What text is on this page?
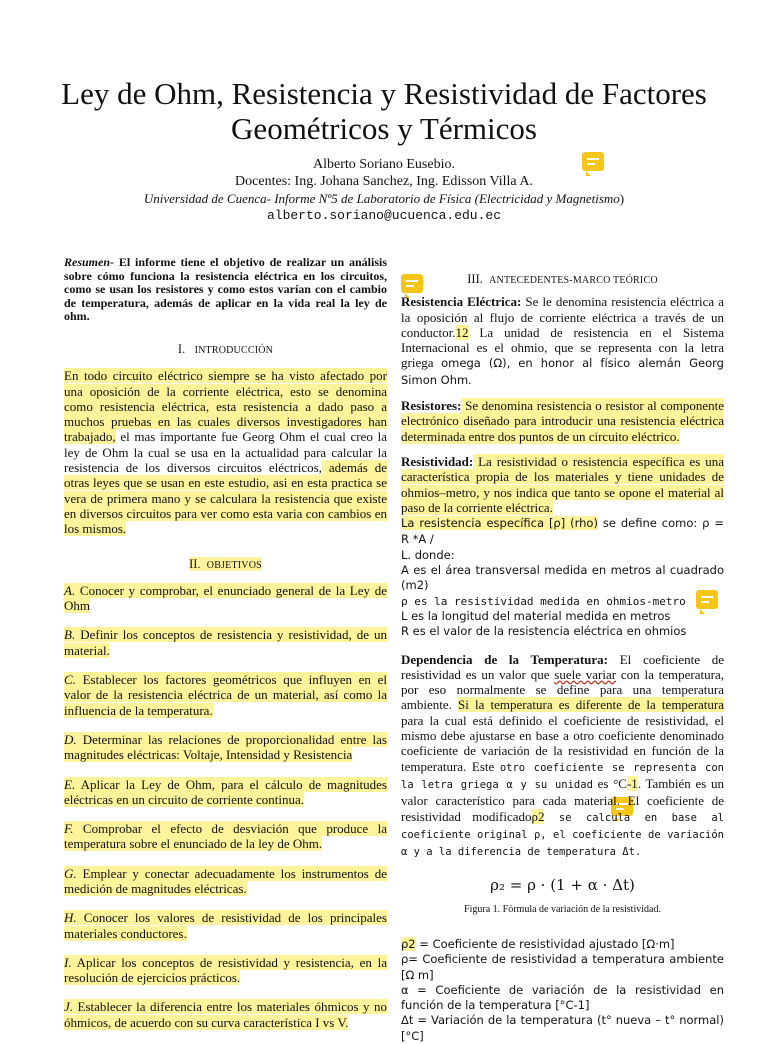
Ley de Ohm, Resistencia y Resistividad de Factores
Geométricos y Térmicos
Alberto Soriano Eusebio.
Docentes: Ing. Johana Sanchez, Ing. Edisson Villa A.
Universidad de Cuenca- Informe Nº5 de Laboratorio de Física (Electricidad y Magnetismo)
alberto.soriano@ucuenca.edu.ec

Resumen- El informe tiene el objetivo de realizar un análisis sobre cómo funciona la resistencia eléctrica en los circuitos, como se usan los resistores y como estos varían con el cambio de temperatura, además de aplicar en la vida real la ley de ohm.

I. INTRODUCCIÓN

En todo circuito eléctrico siempre se ha visto afectado por una oposición de la corriente eléctrica, esto se denomina como resistencia eléctrica, esta resistencia a dado paso a muchos pruebas en las cuales diversos investigadores han trabajado, el mas importante fue Georg Ohm el cual creo la ley de Ohm la cual se usa en la actualidad para calcular la resistencia de los diversos circuitos eléctricos, además de otras leyes que se usan en este estudio, asi en esta practica se vera de primera mano y se calculara la resistencia que existe en diversos circuitos para ver como esta varia con cambios en los mismos.

II. OBJETIVOS

A. Conocer y comprobar, el enunciado general de la Ley de Ohm

B. Definir los conceptos de resistencia y resistividad, de un material.

C. Establecer los factores geométricos que influyen en el valor de la resistencia eléctrica de un material, así como la influencia de la temperatura.

D. Determinar las relaciones de proporcionalidad entre las magnitudes eléctricas: Voltaje, Intensidad y Resistencia

E. Aplicar la Ley de Ohm, para el cálculo de magnitudes eléctricas en un circuito de corriente continua.

F. Comprobar el efecto de desviación que produce la temperatura sobre el enunciado de la ley de Ohm.

G. Emplear y conectar adecuadamente los instrumentos de medición de magnitudes eléctricas.

H. Conocer los valores de resistividad de los principales materiales conductores.

I. Aplicar los conceptos de resistividad y resistencia, en la resolución de ejercicios prácticos.

J. Establecer la diferencia entre los materiales óhmicos y no óhmicos, de acuerdo con su curva característica I vs V.

III. ANTECEDENTES-MARCO TEÓRICO

Resistencia Eléctrica: Se le denomina resistencia eléctrica a la oposición al flujo de corriente eléctrica a través de un conductor.12 La unidad de resistencia en el Sistema Internacional es el ohmio, que se representa con la letra griega omega (Ω), en honor al físico alemán Georg Simon Ohm.

Resistores: Se denomina resistencia o resistor al componente electrónico diseñado para introducir una resistencia eléctrica determinada entre dos puntos de un circuito eléctrico.

Resistividad: La resistividad o resistencia específica es una característica propia de los materiales y tiene unidades de ohmios–metro, y nos indica que tanto se opone el material al paso de la corriente eléctrica.

La resistencia específica [ρ] (rho) se define como: ρ = R *A /
L. donde:
A es el área transversal medida en metros al cuadrado (m2)
ρ es la resistividad medida en ohmios-metro
L es la longitud del material medida en metros
R es el valor de la resistencia eléctrica en ohmios

Dependencia de la Temperatura: El coeficiente de resistividad es un valor que suele variar con la temperatura, por eso normalmente se define para una temperatura ambiente. Si la temperatura es diferente de la temperatura para la cual está definido el coeficiente de resistividad, el mismo debe ajustarse en base a otro coeficiente denominado coeficiente de variación de la resistividad en función de la temperatura. Este otro coeficiente se representa con la letra griega α y su unidad es °C-1. También es un valor característico para cada material. El coeficiente de resistividad modificadoρ2 se calcula en base al coeficiente original ρ, el coeficiente de variación α y a la diferencia de temperatura Δt.

ρ₂ = ρ · (1 + α · Δt)
Figura 1. Fórmula de variación de la resistividad.
ρ2 = Coeficiente de resistividad ajustado [Ω·m]
ρ= Coeficiente de resistividad a temperatura ambiente [Ω m]
α = Coeficiente de variación de la resistividad en función de la temperatura [°C-1]
Δt = Variación de la temperatura (t° nueva – t° normal) [°C]
